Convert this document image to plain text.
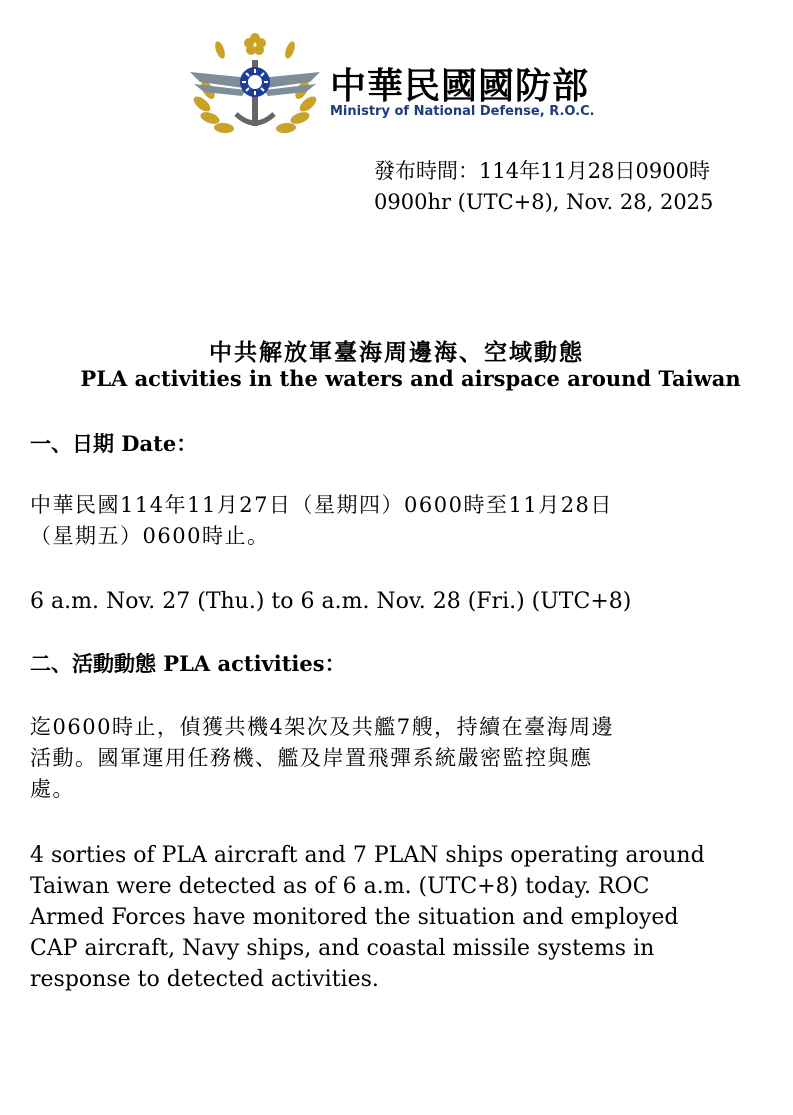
中華民國國防部
Ministry of National Defense, R.O.C.
發布時間：114年11月28日0900時
0900hr (UTC+8), Nov. 28, 2025
中共解放軍臺海周邊海、空域動態
PLA activities in the waters and airspace around Taiwan
一、日期 Date：
中華民國114年11月27日（星期四）0600時至11月28日
（星期五）0600時止。
6 a.m. Nov. 27 (Thu.) to 6 a.m. Nov. 28 (Fri.) (UTC+8)
二、活動動態 PLA activities：
迄0600時止，偵獲共機4架次及共艦7艘，持續在臺海周邊
活動。國軍運用任務機、艦及岸置飛彈系統嚴密監控與應
處。
4 sorties of PLA aircraft and 7 PLAN ships operating around
Taiwan were detected as of 6 a.m. (UTC+8) today. ROC
Armed Forces have monitored the situation and employed
CAP aircraft, Navy ships, and coastal missile systems in
response to detected activities.
